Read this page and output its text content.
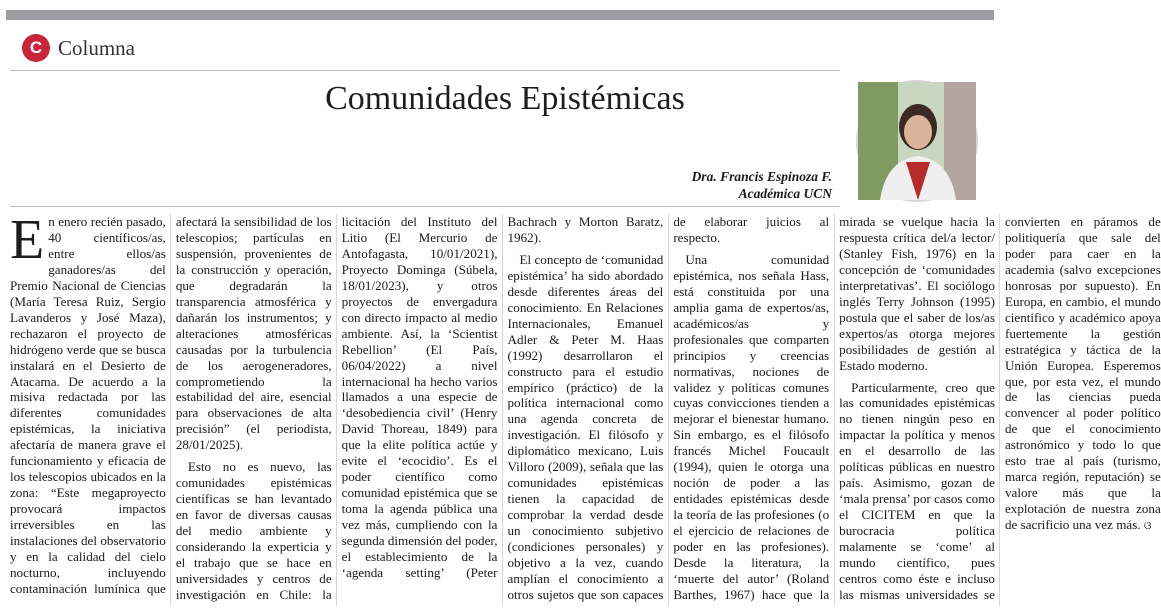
C Columna
Comunidades Epistémicas
Dra. Francis Espinoza F.
Académica UCN

En enero recién pasado, 40 científicos/as, entre ellos/as ganadores/as del Premio Nacional de Ciencias (María Teresa Ruiz, Sergio Lavanderos y José Maza), rechazaron el proyecto de hidrógeno verde que se busca instalará en el Desierto de Atacama. De acuerdo a la misiva redactada por las diferentes comunidades epistémicas, la iniciativa afectaría de manera grave el funcionamiento y eficacia de los telescopios ubicados en la zona: “Este megaproyecto provocará impactos irreversibles en las instalaciones del observatorio y en la calidad del cielo nocturno, incluyendo contaminación lumínica que afectará la sensibilidad de los telescopios; partículas en suspensión, provenientes de la construcción y operación, que degradarán la transparencia atmosférica y dañarán los instrumentos; y alteraciones atmosféricas causadas por la turbulencia de los aerogeneradores, comprometiendo la estabilidad del aire, esencial para observaciones de alta precisión” (el periodista, 28/01/2025).

Esto no es nuevo, las comunidades epistémicas científicas se han levantado en favor de diversas causas del medio ambiente y considerando la experticia y el trabajo que se hace en universidades y centros de investigación en Chile: la licitación del Instituto del Litio (El Mercurio de Antofagasta, 10/01/2021), Proyecto Dominga (Súbela, 18/01/2023), y otros proyectos de envergadura con directo impacto al medio ambiente. Así, la ‘Scientist Rebellion’ (El País, 06/04/2022) a nivel internacional ha hecho varios llamados a una especie de ‘desobediencia civil’ (Henry David Thoreau, 1849) para que la elite política actúe y evite el ‘ecocidio’. Es el poder científico como comunidad epistémica que se toma la agenda pública una vez más, cumpliendo con la segunda dimensión del poder, el establecimiento de la ‘agenda setting’ (Peter Bachrach y Morton Baratz, 1962).

El concepto de ‘comunidad epistémica’ ha sido abordado desde diferentes áreas del conocimiento. En Relaciones Internacionales, Emanuel Adler & Peter M. Haas (1992) desarrollaron el constructo para el estudio empírico (práctico) de la política internacional como una agenda concreta de investigación. El filósofo y diplomático mexicano, Luis Villoro (2009), señala que las comunidades epistémicas tienen la capacidad de comprobar la verdad desde un conocimiento subjetivo (condiciones personales) y objetivo a la vez, cuando amplían el conocimiento a otros sujetos que son capaces de elaborar juicios al respecto.

Una comunidad epistémica, nos señala Hass, está constituida por una amplia gama de expertos/as, académicos/as y profesionales que comparten principios y creencias normativas, nociones de validez y políticas comunes cuyas convicciones tienden a mejorar el bienestar humano. Sin embargo, es el filósofo francés Michel Foucault (1994), quien le otorga una noción de poder a las entidades epistémicas desde la teoría de las profesiones (o el ejercicio de relaciones de poder en las profesiones). Desde la literatura, la ‘muerte del autor’ (Roland Barthes, 1967) hace que la mirada se vuelque hacia la respuesta crítica del/a lector/ (Stanley Fish, 1976) en la concepción de ‘comunidades interpretativas’. El sociólogo inglés Terry Johnson (1995) postula que el saber de los/as expertos/as otorga mejores posibilidades de gestión al Estado moderno.

Particularmente, creo que las comunidades epistémicas no tienen ningún peso en impactar la política y menos en el desarrollo de las políticas públicas en nuestro país. Asimismo, gozan de ‘mala prensa’ por casos como el CICITEM en que la burocracia política malamente se ‘come’ al mundo científico, pues centros como éste e incluso las mismas universidades se convierten en páramos de politiquería que sale del poder para caer en la academia (salvo excepciones honrosas por supuesto). En Europa, en cambio, el mundo científico y académico apoya fuertemente la gestión estratégica y táctica de la Unión Europea. Esperemos que, por esta vez, el mundo de las ciencias pueda convencer al poder político de que el conocimiento astronómico y todo lo que esto trae al país (turismo, marca región, reputación) se valore más que la explotación de nuestra zona de sacrificio una vez más. ଓ
